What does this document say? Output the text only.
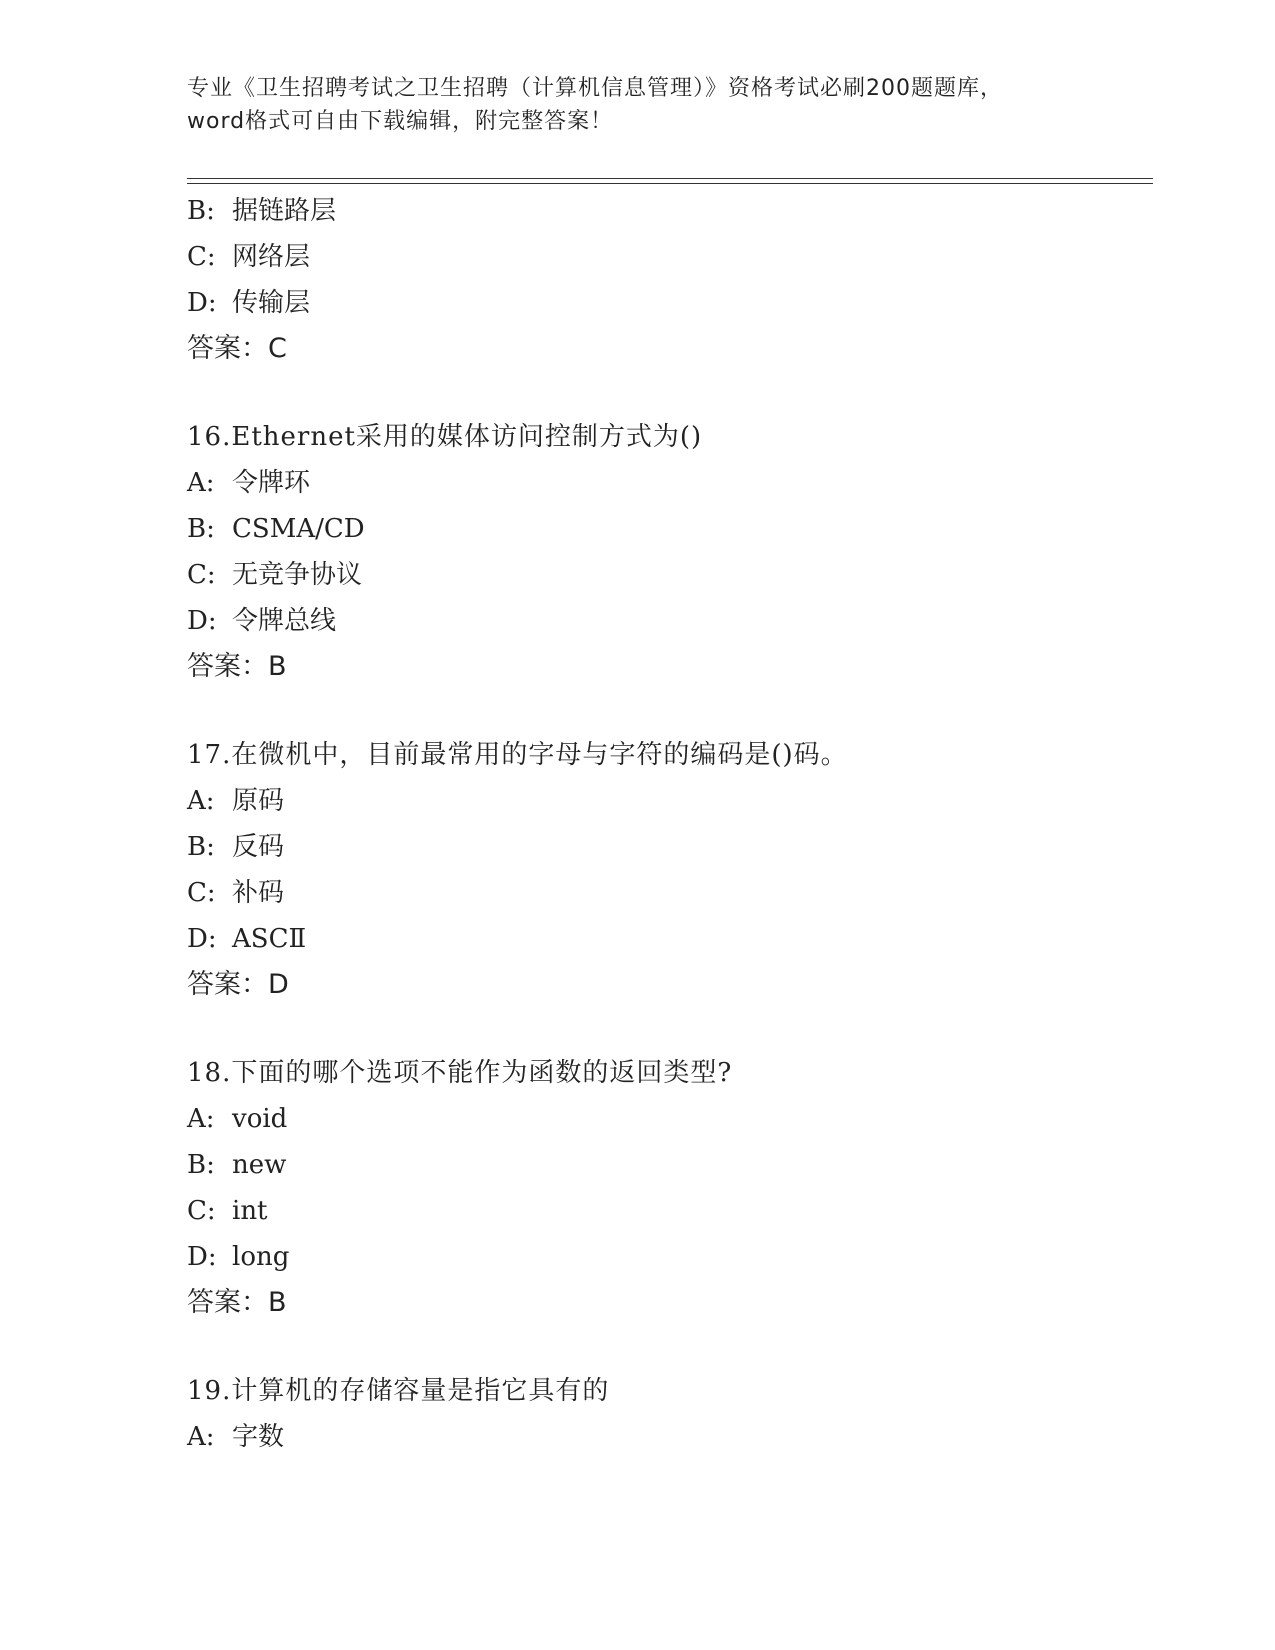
专业《卫生招聘考试之卫生招聘（计算机信息管理）》资格考试必刷200题题库，
word格式可自由下载编辑，附完整答案！
B: 据链路层
C: 网络层
D: 传输层
答案：C
16.Ethernet采用的媒体访问控制方式为()
A: 令牌环
B: CSMA/CD
C: 无竞争协议
D: 令牌总线
答案：B
17.在微机中，目前最常用的字母与字符的编码是()码。
A: 原码
B: 反码
C: 补码
D: ASCⅡ
答案：D
18.下面的哪个选项不能作为函数的返回类型?
A: void
B: new
C: int
D: long
答案：B
19.计算机的存储容量是指它具有的
A: 字数
